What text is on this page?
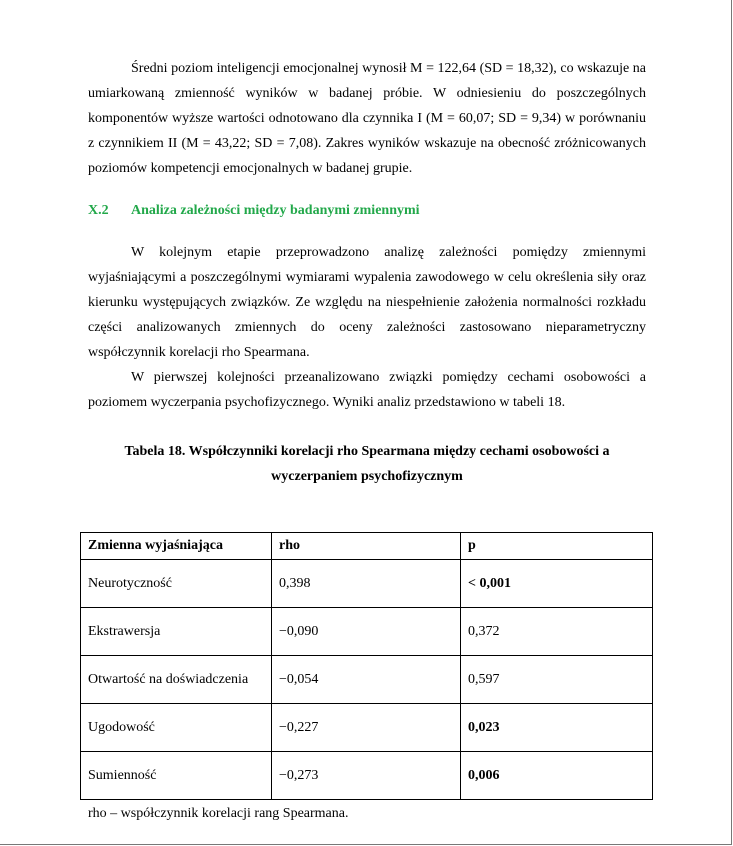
Średni poziom inteligencji emocjonalnej wynosił M = 122,64 (SD = 18,32), co wskazuje na umiarkowaną zmienność wyników w badanej próbie. W odniesieniu do poszczególnych komponentów wyższe wartości odnotowano dla czynnika I (M = 60,07; SD = 9,34) w porównaniu z czynnikiem II (M = 43,22; SD = 7,08). Zakres wyników wskazuje na obecność zróżnicowanych poziomów kompetencji emocjonalnych w badanej grupie.

X.2	Analiza zależności między badanymi zmiennymi

W kolejnym etapie przeprowadzono analizę zależności pomiędzy zmiennymi wyjaśniającymi a poszczególnymi wymiarami wypalenia zawodowego w celu określenia siły oraz kierunku występujących związków. Ze względu na niespełnienie założenia normalności rozkładu części analizowanych zmiennych do oceny zależności zastosowano nieparametryczny współczynnik korelacji rho Spearmana.

W pierwszej kolejności przeanalizowano związki pomiędzy cechami osobowości a poziomem wyczerpania psychofizycznego. Wyniki analiz przedstawiono w tabeli 18.

Tabela 18. Współczynniki korelacji rho Spearmana między cechami osobowości a wyczerpaniem psychofizycznym
Zmienna wyjaśniająca	rho	p
Neurotyczność	0,398	< 0,001
Ekstrawersja	−0,090	0,372
Otwartość na doświadczenia	−0,054	0,597
Ugodowość	−0,227	0,023
Sumienność	−0,273	0,006
rho – współczynnik korelacji rang Spearmana.
